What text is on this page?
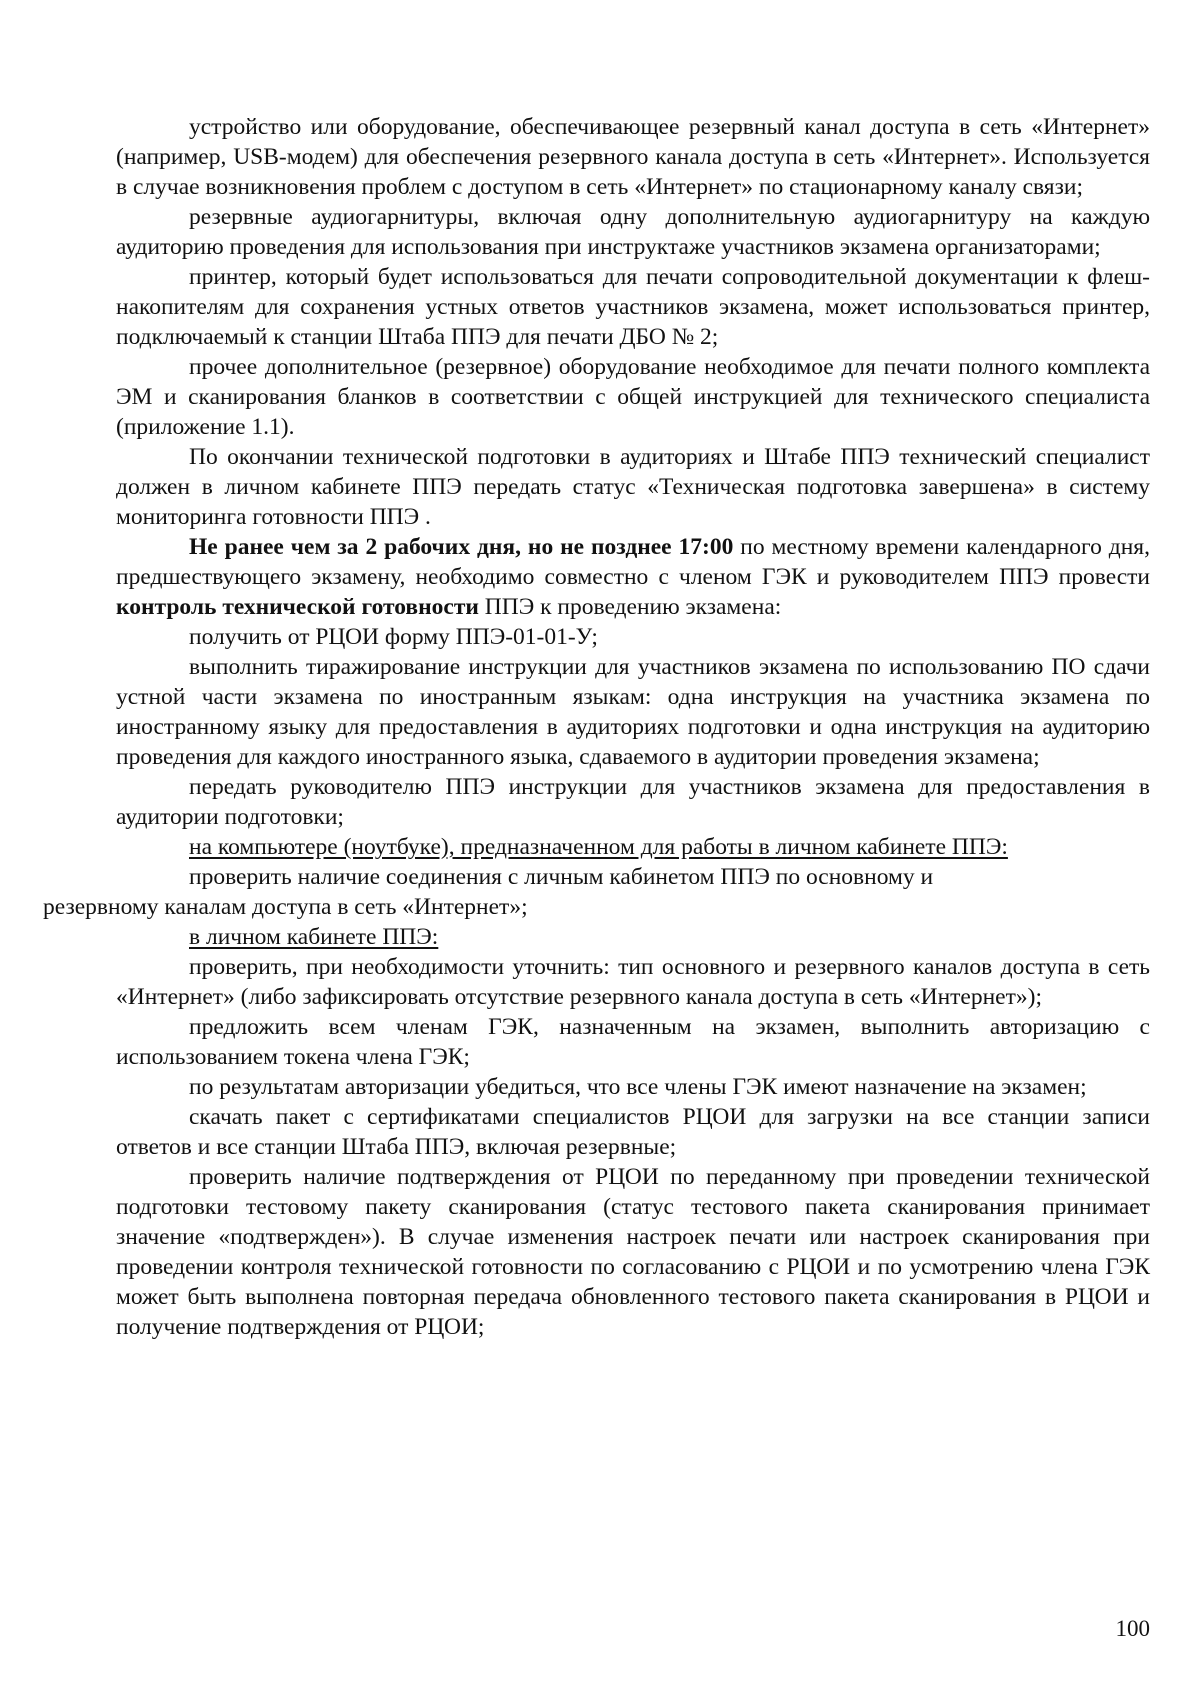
устройство или оборудование, обеспечивающее резервный канал доступа в сеть «Интернет» (например, USB-модем) для обеспечения резервного канала доступа в сеть «Интернет». Используется в случае возникновения проблем с доступом в сеть «Интернет» по стационарному каналу связи;

резервные аудиогарнитуры, включая одну дополнительную аудиогарнитуру на каждую аудиторию проведения для использования при инструктаже участников экзамена организаторами;

принтер, который будет использоваться для печати сопроводительной документации к флеш-накопителям для сохранения устных ответов участников экзамена, может использоваться принтер, подключаемый к станции Штаба ППЭ для печати ДБО № 2;

прочее дополнительное (резервное) оборудование необходимое для печати полного комплекта ЭМ и сканирования бланков в соответствии с общей инструкцией для технического специалиста (приложение 1.1).

По окончании технической подготовки в аудиториях и Штабе ППЭ технический специалист должен в личном кабинете ППЭ передать статус «Техническая подготовка завершена» в систему мониторинга готовности ППЭ .

Не ранее чем за 2 рабочих дня, но не позднее 17:00 по местному времени календарного дня, предшествующего экзамену, необходимо совместно с членом ГЭК и руководителем ППЭ провести контроль технической готовности ППЭ к проведению экзамена:

получить от РЦОИ форму ППЭ-01-01-У;

выполнить тиражирование инструкции для участников экзамена по использованию ПО сдачи устной части экзамена по иностранным языкам: одна инструкция на участника экзамена по иностранному языку для предоставления в аудиториях подготовки и одна инструкция на аудиторию проведения для каждого иностранного языка, сдаваемого в аудитории проведения экзамена;

передать руководителю ППЭ инструкции для участников экзамена для предоставления в аудитории подготовки;

на компьютере (ноутбуке), предназначенном для работы в личном кабинете ППЭ:

проверить наличие соединения с личным кабинетом ППЭ по основному и
резервному каналам доступа в сеть «Интернет»;

в личном кабинете ППЭ:

проверить, при необходимости уточнить: тип основного и резервного каналов доступа в сеть «Интернет» (либо зафиксировать отсутствие резервного канала доступа в сеть «Интернет»);

предложить всем членам ГЭК, назначенным на экзамен, выполнить авторизацию с использованием токена члена ГЭК;

по результатам авторизации убедиться, что все члены ГЭК имеют назначение на экзамен;

скачать пакет с сертификатами специалистов РЦОИ для загрузки на все станции записи ответов и все станции Штаба ППЭ, включая резервные;

проверить наличие подтверждения от РЦОИ по переданному при проведении технической подготовки тестовому пакету сканирования (статус тестового пакета сканирования принимает значение «подтвержден»). В случае изменения настроек печати или настроек сканирования при проведении контроля технической готовности по согласованию с РЦОИ и по усмотрению члена ГЭК может быть выполнена повторная передача обновленного тестового пакета сканирования в РЦОИ и получение подтверждения от РЦОИ;

100
